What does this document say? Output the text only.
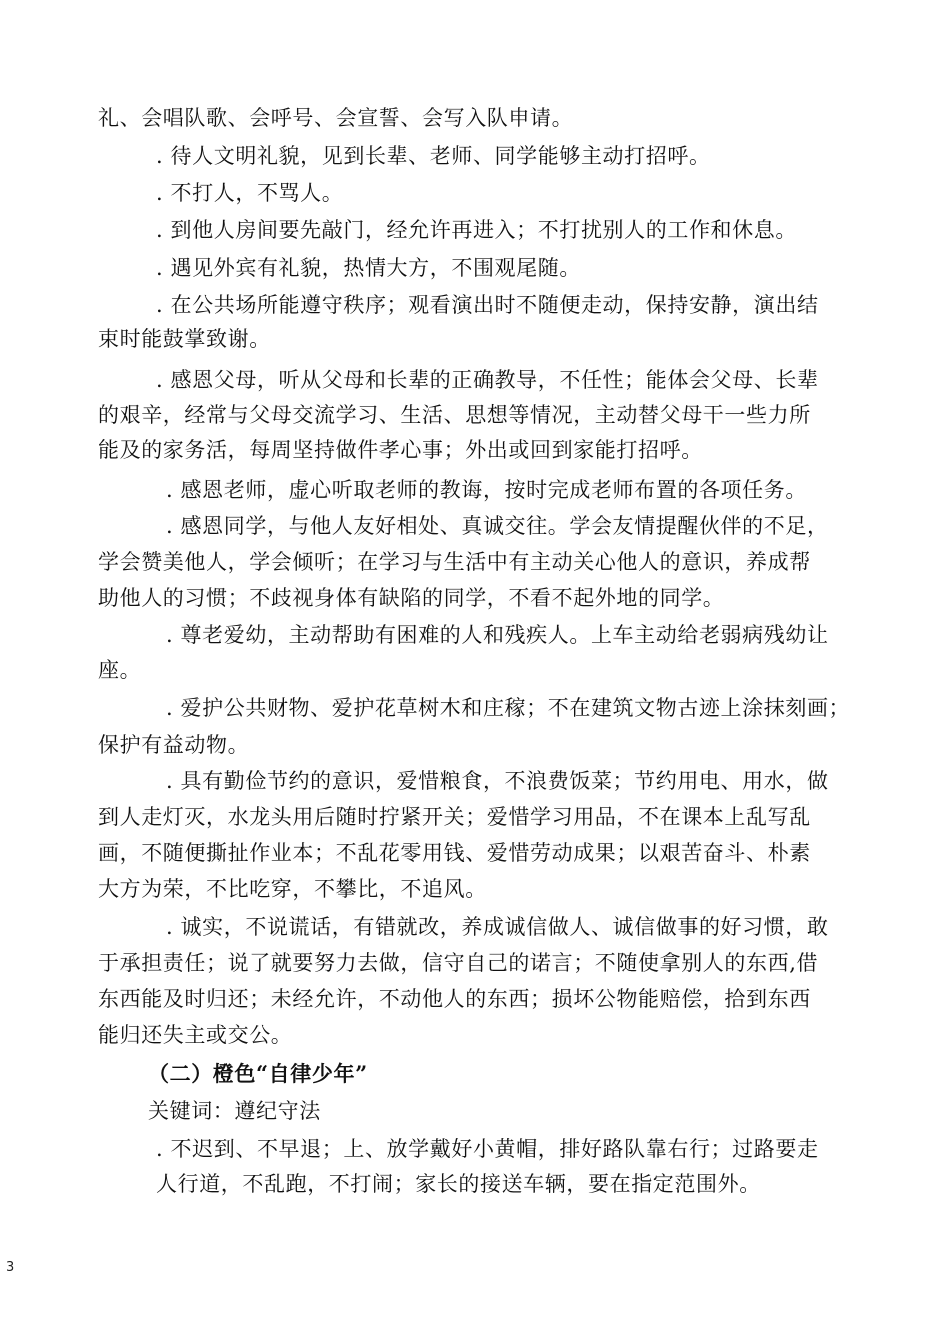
礼、会唱队歌、会呼号、会宣誓、会写入队申请。
. 待人文明礼貌，见到长辈、老师、同学能够主动打招呼。
. 不打人，不骂人。
. 到他人房间要先敲门，经允许再进入；不打扰别人的工作和休息。
. 遇见外宾有礼貌，热情大方，不围观尾随。
. 在公共场所能遵守秩序；观看演出时不随便走动，保持安静，演出结
束时能鼓掌致谢。
. 感恩父母，听从父母和长辈的正确教导，不任性；能体会父母、长辈
的艰辛，经常与父母交流学习、生活、思想等情况，主动替父母干一些力所
能及的家务活，每周坚持做件孝心事；外出或回到家能打招呼。
. 感恩老师，虚心听取老师的教诲，按时完成老师布置的各项任务。
. 感恩同学，与他人友好相处、真诚交往。学会友情提醒伙伴的不足，
学会赞美他人，学会倾听；在学习与生活中有主动关心他人的意识，养成帮
助他人的习惯；不歧视身体有缺陷的同学，不看不起外地的同学。
. 尊老爱幼，主动帮助有困难的人和残疾人。上车主动给老弱病残幼让
座。
. 爱护公共财物、爱护花草树木和庄稼；不在建筑文物古迹上涂抹刻画；
保护有益动物。
. 具有勤俭节约的意识，爱惜粮食，不浪费饭菜；节约用电、用水，做
到人走灯灭，水龙头用后随时拧紧开关；爱惜学习用品，不在课本上乱写乱
画，不随便撕扯作业本；不乱花零用钱、爱惜劳动成果；以艰苦奋斗、朴素
大方为荣，不比吃穿，不攀比，不追风。
. 诚实，不说谎话，有错就改，养成诚信做人、诚信做事的好习惯，敢
于承担责任；说了就要努力去做，信守自己的诺言；不随使拿别人的东西,借
东西能及时归还；未经允许，不动他人的东西；损坏公物能赔偿，拾到东西
能归还失主或交公。
（二）橙色“自律少年”
关键词：遵纪守法
. 不迟到、不早退；上、放学戴好小黄帽，排好路队靠右行；过路要走
人行道，不乱跑，不打闹；家长的接送车辆，要在指定范围外。
3
